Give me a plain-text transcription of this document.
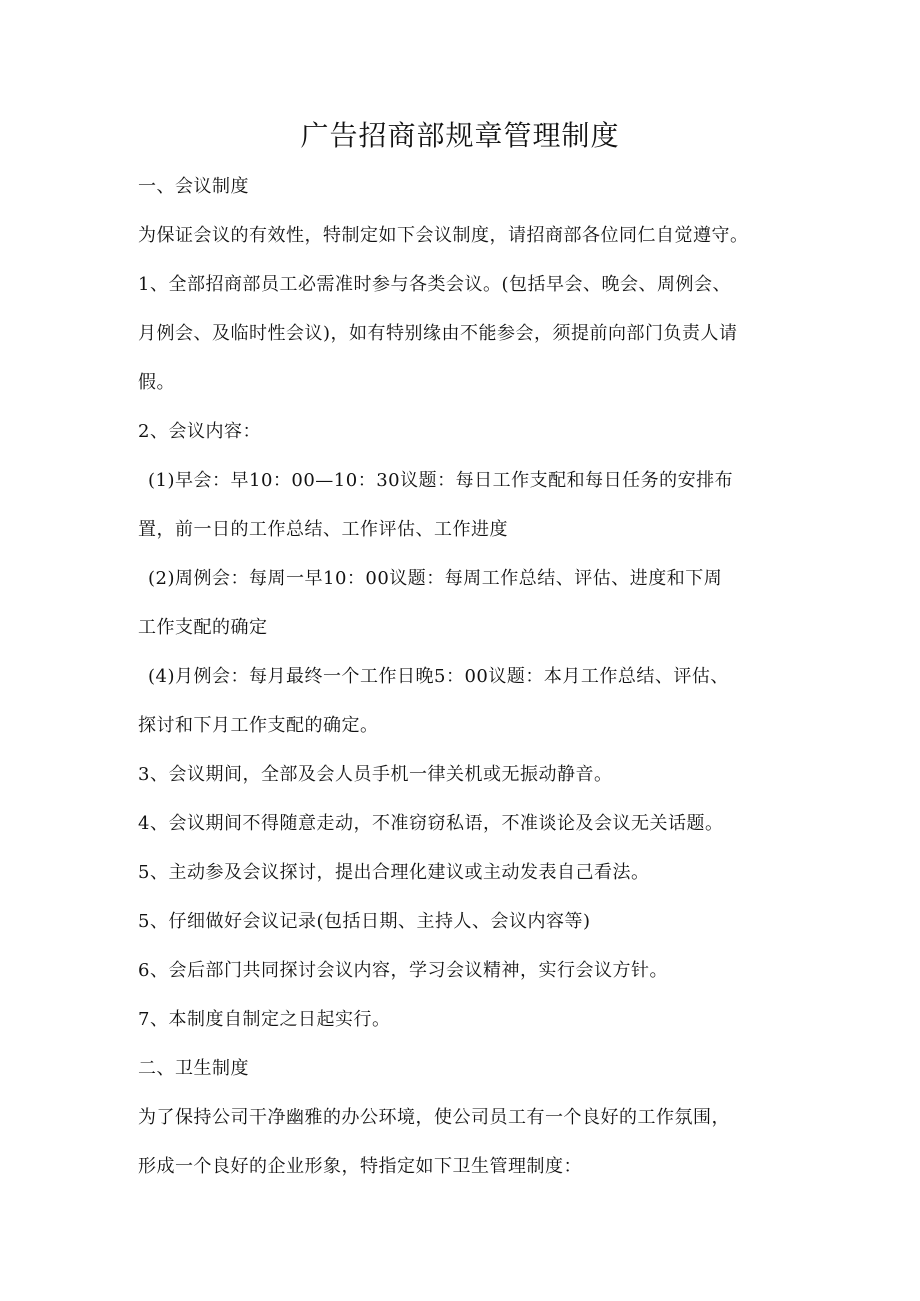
广告招商部规章管理制度
一、会议制度
为保证会议的有效性，特制定如下会议制度，请招商部各位同仁自觉遵守。
1、全部招商部员工必需准时参与各类会议。(包括早会、晚会、周例会、
月例会、及临时性会议)，如有特别缘由不能参会，须提前向部门负责人请
假。
2、会议内容：
(1)早会：早10：00—10：30议题：每日工作支配和每日任务的安排布
置，前一日的工作总结、工作评估、工作进度
(2)周例会：每周一早10：00议题：每周工作总结、评估、进度和下周
工作支配的确定
(4)月例会：每月最终一个工作日晚5：00议题：本月工作总结、评估、
探讨和下月工作支配的确定。
3、会议期间，全部及会人员手机一律关机或无振动静音。
4、会议期间不得随意走动，不准窃窃私语，不准谈论及会议无关话题。
5、主动参及会议探讨，提出合理化建议或主动发表自己看法。
5、仔细做好会议记录(包括日期、主持人、会议内容等)
6、会后部门共同探讨会议内容，学习会议精神，实行会议方针。
7、本制度自制定之日起实行。
二、卫生制度
为了保持公司干净幽雅的办公环境，使公司员工有一个良好的工作氛围，
形成一个良好的企业形象，特指定如下卫生管理制度：
